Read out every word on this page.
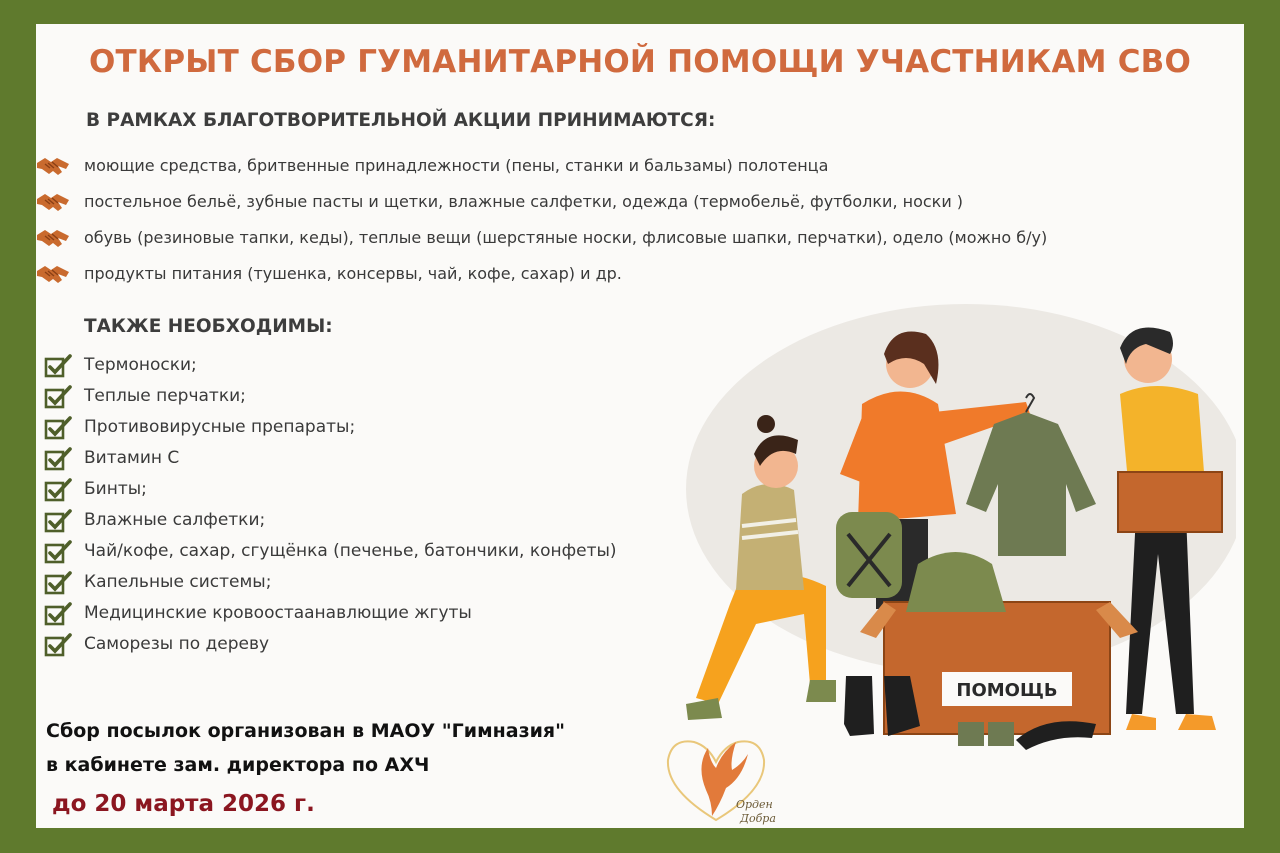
ОТКРЫТ СБОР ГУМАНИТАРНОЙ ПОМОЩИ УЧАСТНИКАМ СВО
В РАМКАХ БЛАГОТВОРИТЕЛЬНОЙ АКЦИИ ПРИНИМАЮТСЯ:
моющие средства, бритвенные принадлежности (пены, станки и бальзамы) полотенца
постельное бельё, зубные пасты и щетки, влажные салфетки, одежда (термобельё, футболки, носки )
обувь (резиновые тапки, кеды), теплые вещи (шерстяные носки, флисовые шапки, перчатки), одело (можно б/у)
продукты питания (тушенка, консервы, чай, кофе, сахар) и др.
ТАКЖЕ НЕОБХОДИМЫ:
Термоноски;
Теплые перчатки;
Противовирусные препараты;
Витамин С
Бинты;
Влажные салфетки;
Чай/кофе, сахар, сгущёнка (печенье, батончики, конфеты)
Капельные системы;
Медицинские кровоостаанавлющие жгуты
Саморезы по дереву
ПОМОЩЬ
Сбор посылок организован в МАОУ "Гимназия"
в кабинете зам. директора по АХЧ
до 20 марта 2026 г.	Орден
Добра
